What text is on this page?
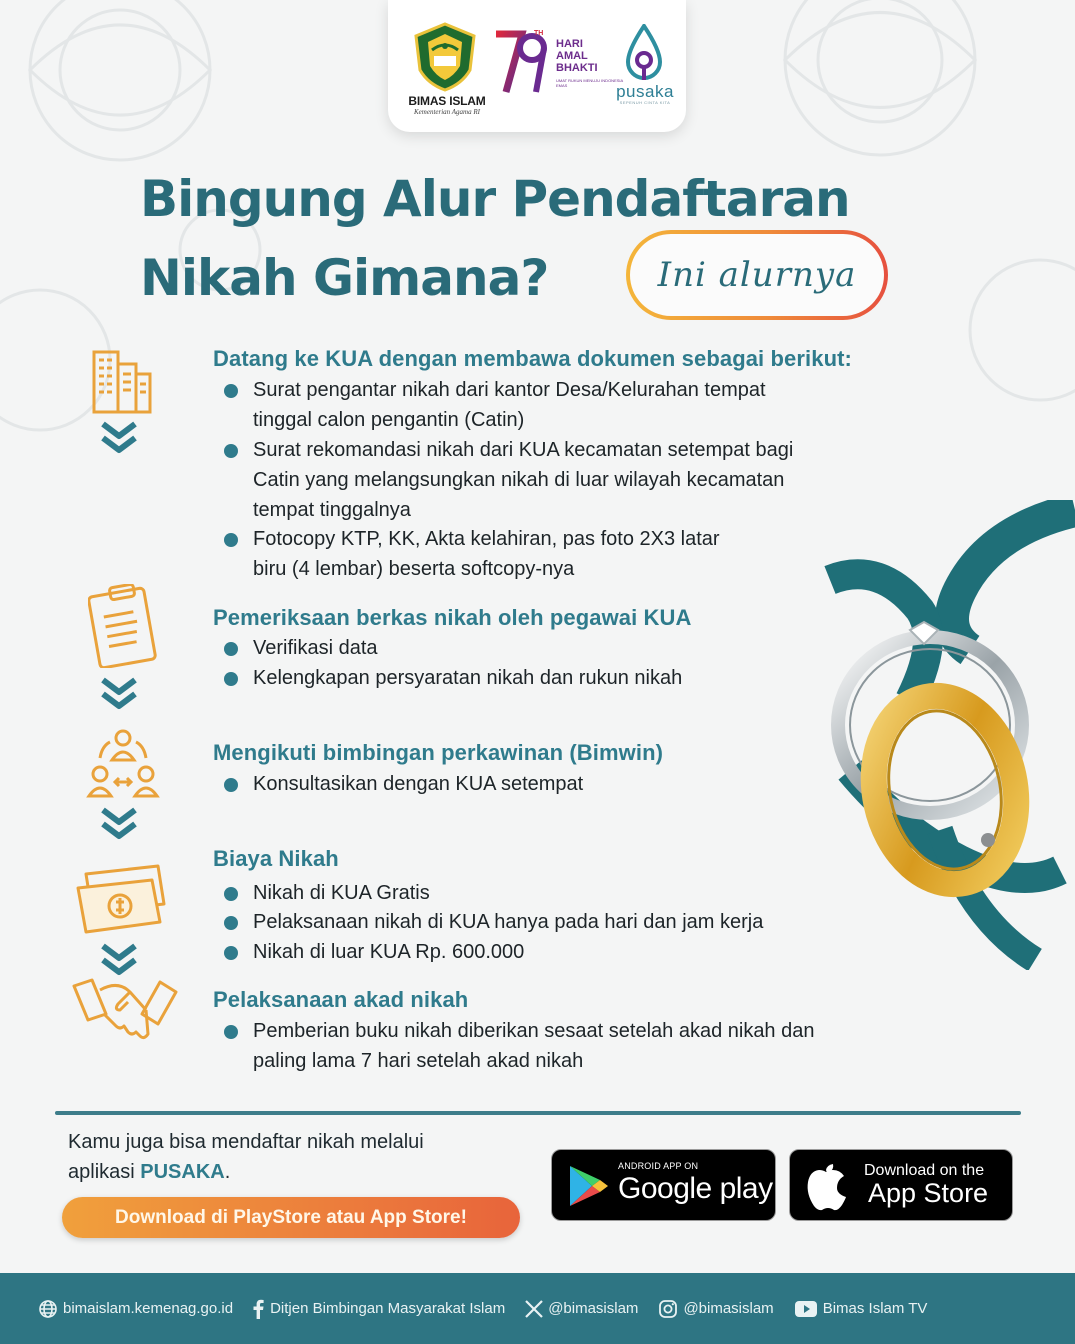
BIMAS ISLAM
Kementerian Agama RI
TH
HARI
AMAL
BHAKTI
UMAT RUKUN MENUJU INDONESIA EMAS	pusaka
SEPENUH CINTA KITA
Bingung Alur Pendaftaran
Nikah Gimana?	Ini alurnya
Datang ke KUA dengan membawa dokumen sebagai berikut:
Surat pengantar nikah dari kantor Desa/Kelurahan tempat
tinggal calon pengantin (Catin)
Surat rekomandasi nikah dari KUA kecamatan setempat bagi
Catin yang melangsungkan nikah di luar wilayah kecamatan
tempat tinggalnya
Fotocopy KTP, KK, Akta kelahiran, pas foto 2X3 latar
biru (4 lembar) beserta softcopy-nya
Pemeriksaan berkas nikah oleh pegawai KUA
Verifikasi data
Kelengkapan persyaratan nikah dan rukun nikah
Mengikuti bimbingan perkawinan (Bimwin)
Konsultasikan dengan KUA setempat
Biaya Nikah
Nikah di KUA Gratis
Pelaksanaan nikah di KUA hanya pada hari dan jam kerja
Nikah di luar KUA Rp. 600.000
Pelaksanaan akad nikah
Pemberian buku nikah diberikan sesaat setelah akad nikah dan
paling lama 7 hari setelah akad nikah
Kamu juga bisa mendaftar nikah melalui
aplikasi PUSAKA.
Download di PlayStore atau App Store!
ANDROID APP ON
Google play
Download on the
App Store
bimaislam.kemenag.go.id Ditjen Bimbingan Masyarakat Islam	@bimasislam	@bimasislam	Bimas Islam TV
